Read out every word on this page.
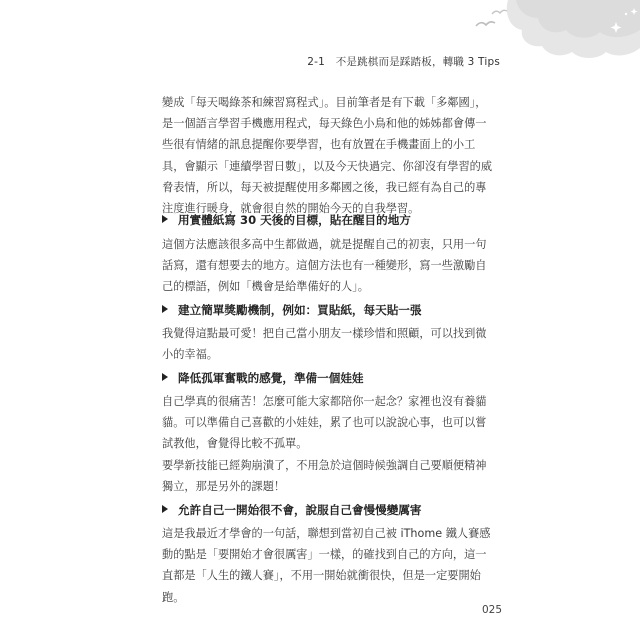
2-1　不是跳棋而是踩踏板，轉職 3 Tips
變成「每天喝綠茶和練習寫程式」。目前筆者是有下載「多鄰國」，是一個語言學習手機應用程式，每天綠色小鳥和他的姊姊都會傳一些很有情緒的訊息提醒你要學習，也有放置在手機畫面上的小工具，會顯示「連續學習日數」，以及今天快過完、你卻沒有學習的威脅表情，所以，每天被提醒使用多鄰國之後，我已經有為自己的專注度進行暖身，就會很自然的開始今天的自我學習。
用實體紙寫 30 天後的目標，貼在醒目的地方
這個方法應該很多高中生都做過，就是提醒自己的初衷，只用一句話寫，還有想要去的地方。這個方法也有一種變形，寫一些激勵自己的標語，例如「機會是給準備好的人」。
建立簡單獎勵機制，例如：買貼紙，每天貼一張
我覺得這點最可愛！把自己當小朋友一樣珍惜和照顧，可以找到微小的幸福。
降低孤軍奮戰的感覺，準備一個娃娃
自己學真的很痛苦！怎麼可能大家都陪你一起念？家裡也沒有養貓貓。可以準備自己喜歡的小娃娃，累了也可以說說心事，也可以嘗試教他，會覺得比較不孤單。
要學新技能已經夠崩潰了，不用急於這個時候強調自己要順便精神獨立，那是另外的課題！
允許自己一開始很不會，說服自己會慢慢變厲害
這是我最近才學會的一句話，聯想到當初自己被 iThome 鐵人賽感動的點是「要開始才會很厲害」一樣，的確找到自己的方向，這一直都是「人生的鐵人賽」，不用一開始就衝很快，但是一定要開始跑。
025
